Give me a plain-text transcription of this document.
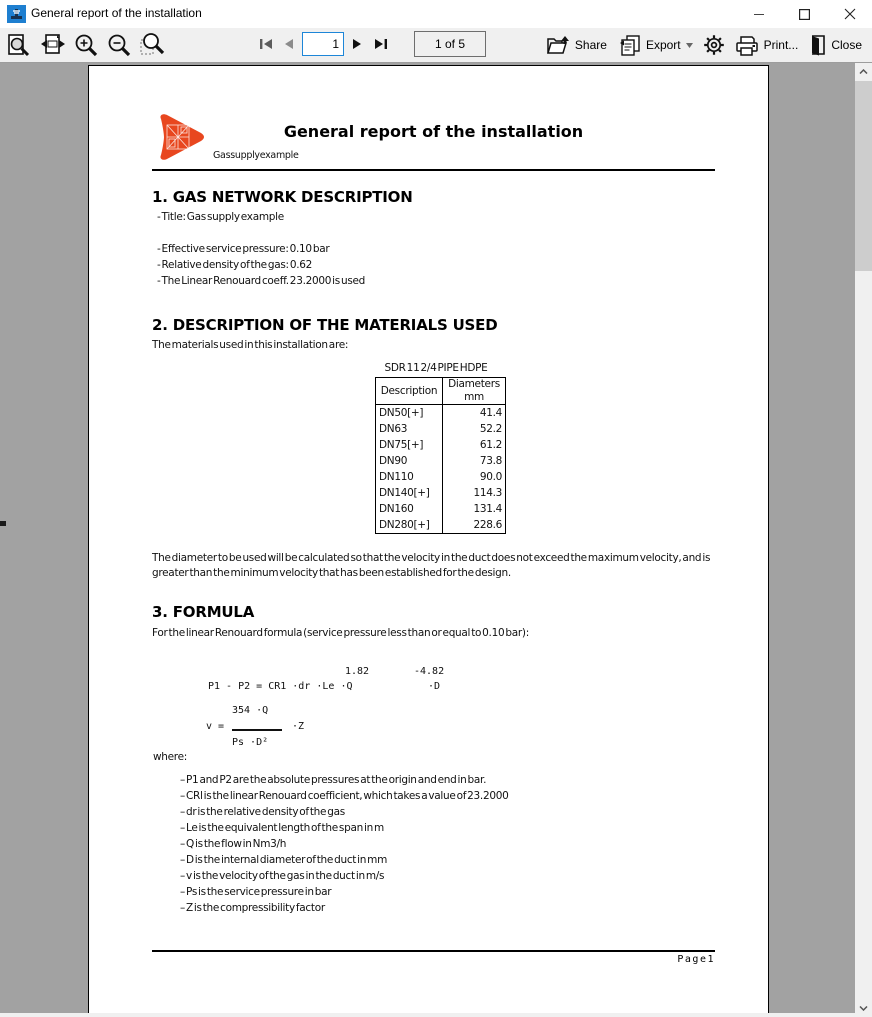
General report of the installation
1
1 of 5	Share	Export	Print...	Close
General report of the installation
Gassupplyexample
1. GAS NETWORK DESCRIPTION
- Title: Gas supply example
- Effective service pressure: 0.10 bar
- Relative density of the gas: 0.62
- The Linear Renouard coeff. 23.2000 is used
2. DESCRIPTION OF THE MATERIALS USED
The materials used in this installation are:
SDR 11 2/4 PIPE HDPE
Description	Diameters
mm

DN50[+]	41.4
DN63	52.2
DN75[+]	61.2
DN90	73.8
DN110	90.0
DN140[+]	114.3
DN160	131.4
DN280[+]	228.6
The diameter to be used will be calculated so that the velocity in the duct does not exceed the maximum velocity, and is greater than the minimum velocity that has been established for the design.
3. FORMULA
For the linear Renouard formula (service pressure less than or equal to 0.10 bar):
1.82	-4.82
P1 - P2 = CR1 ·dr ·Le ·Q	·D
354 ·Q
v =	·Z
Ps ·D²
where:
– P1 and P2 are the absolute pressures at the origin and end in bar.
– CRl is the linear Renouard coefficient, which takes a value of 23.2000
– dr is the relative density of the gas
– Le is the equivalent length of the span in m
– Q is the flow in Nm3/h
– D is the internal diameter of the duct in mm
– v is the velocity of the gas in the duct in m/s
– Ps is the service pressure in bar
– Z is the compressibility factor
Page1
